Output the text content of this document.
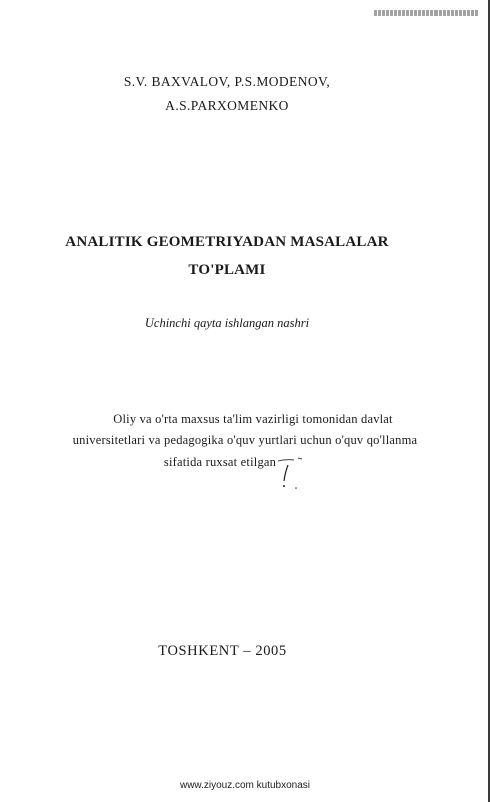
S.V. BAXVALOV, P.S.MODENOV,
A.S.PARXOMENKO
ANALITIK GEOMETRIYADAN MASALALAR
TO'PLAMI
Uchinchi qayta ishlangan nashri
Oliy va o'rta maxsus ta'lim vazirligi tomonidan davlat
universitetlari va pedagogika o'quv yurtlari uchun o'quv qo'llanma
sifatida ruxsat etilgan
TOSHKENT – 2005
www.ziyouz.com kutubxonasi
